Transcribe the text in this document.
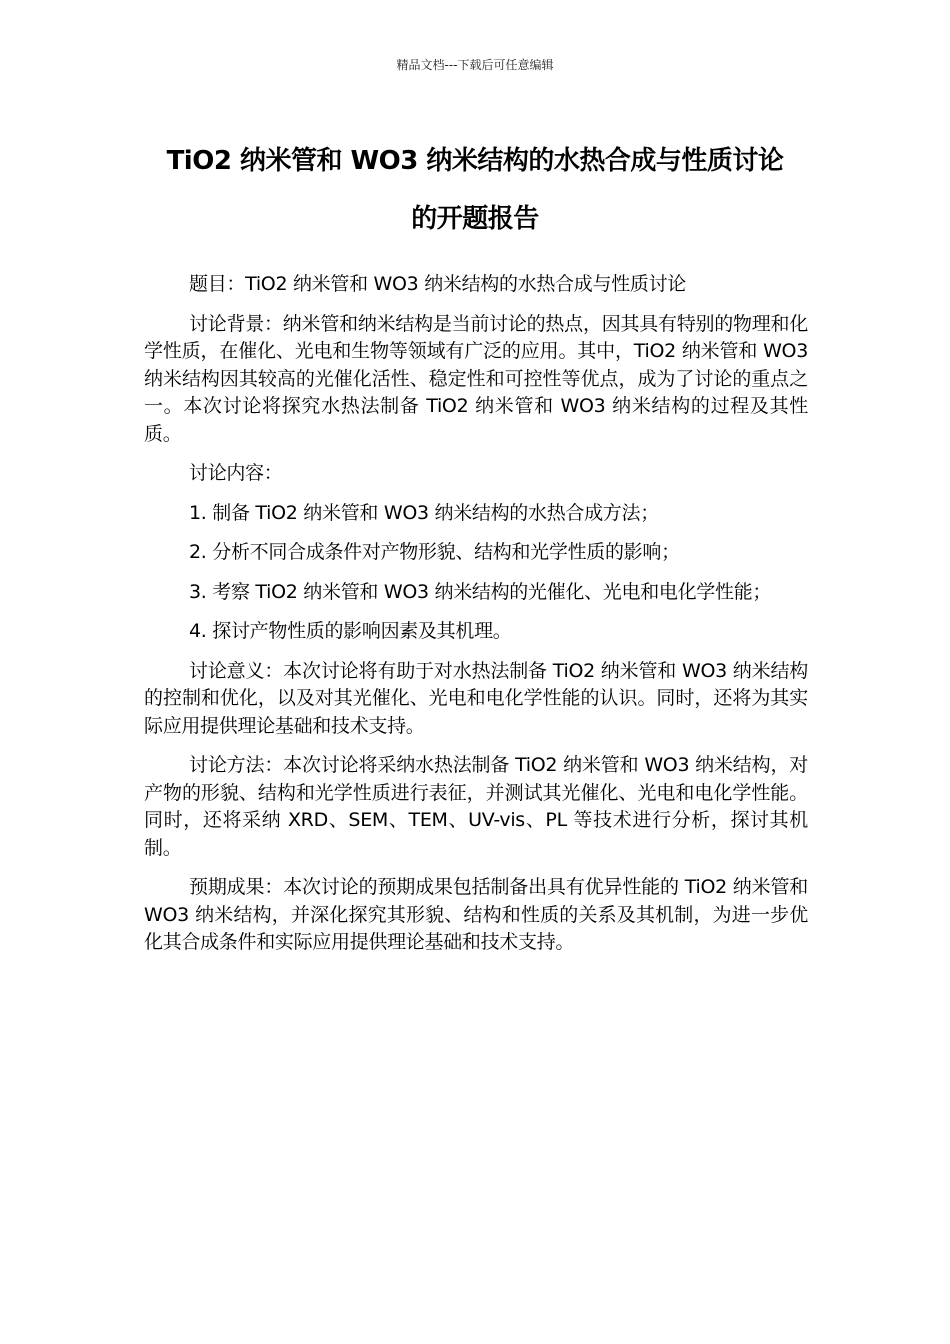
精品文档---下载后可任意编辑
TiO2 纳米管和 WO3 纳米结构的水热合成与性质讨论
的开题报告

题目：TiO2 纳米管和 WO3 纳米结构的水热合成与性质讨论

讨论背景：纳米管和纳米结构是当前讨论的热点，因其具有特别的物理和化学性质，在催化、光电和生物等领域有广泛的应用。其中，TiO2 纳米管和 WO3 纳米结构因其较高的光催化活性、稳定性和可控性等优点，成为了讨论的重点之一。本次讨论将探究水热法制备 TiO2 纳米管和 WO3 纳米结构的过程及其性质。

讨论内容：

1. 制备 TiO2 纳米管和 WO3 纳米结构的水热合成方法；

2. 分析不同合成条件对产物形貌、结构和光学性质的影响；

3. 考察 TiO2 纳米管和 WO3 纳米结构的光催化、光电和电化学性能；

4. 探讨产物性质的影响因素及其机理。

讨论意义：本次讨论将有助于对水热法制备 TiO2 纳米管和 WO3 纳米结构的控制和优化，以及对其光催化、光电和电化学性能的认识。同时，还将为其实际应用提供理论基础和技术支持。

讨论方法：本次讨论将采纳水热法制备 TiO2 纳米管和 WO3 纳米结构，对产物的形貌、结构和光学性质进行表征，并测试其光催化、光电和电化学性能。同时，还将采纳 XRD、SEM、TEM、UV-vis、PL 等技术进行分析，探讨其机制。

预期成果：本次讨论的预期成果包括制备出具有优异性能的 TiO2 纳米管和 WO3 纳米结构，并深化探究其形貌、结构和性质的关系及其机制，为进一步优化其合成条件和实际应用提供理论基础和技术支持。
